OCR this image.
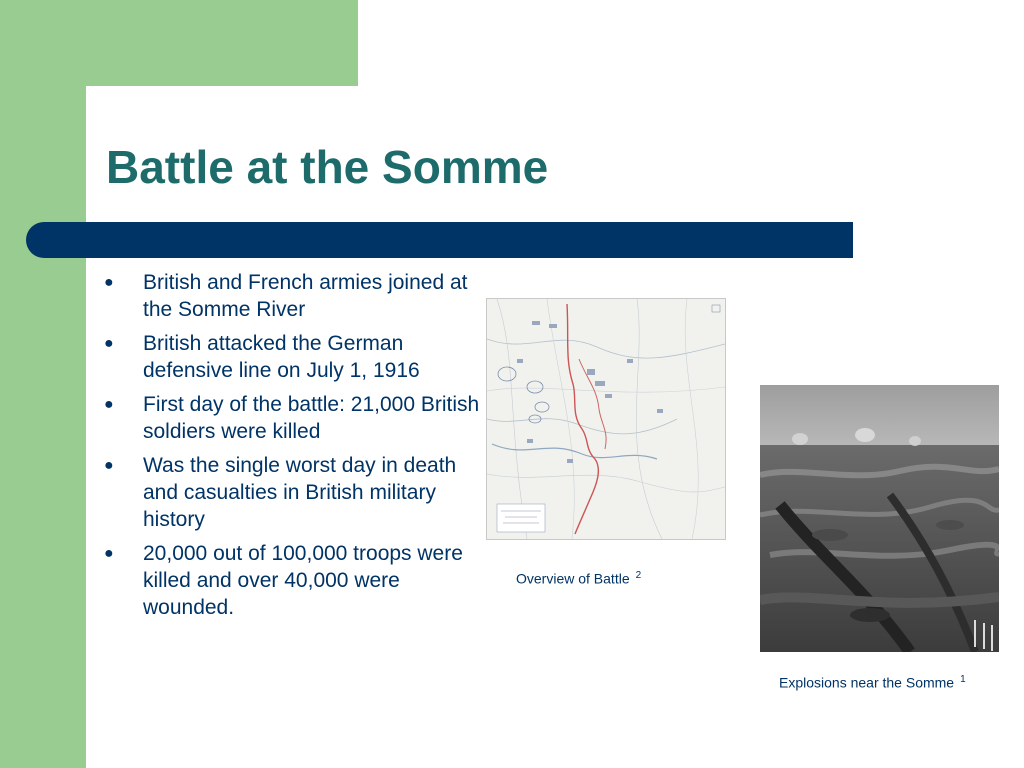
Battle at the Somme
● British and French armies joined at the Somme River
● British attacked the German defensive line on July 1, 1916
● First day of the battle: 21,000 British soldiers were killed
● Was the single worst day in death and casualties in British military history
● 20,000 out of 100,000 troops were killed and over 40,000 were wounded.
Overview of Battle $^2$
Explosions near the Somme $^1$
